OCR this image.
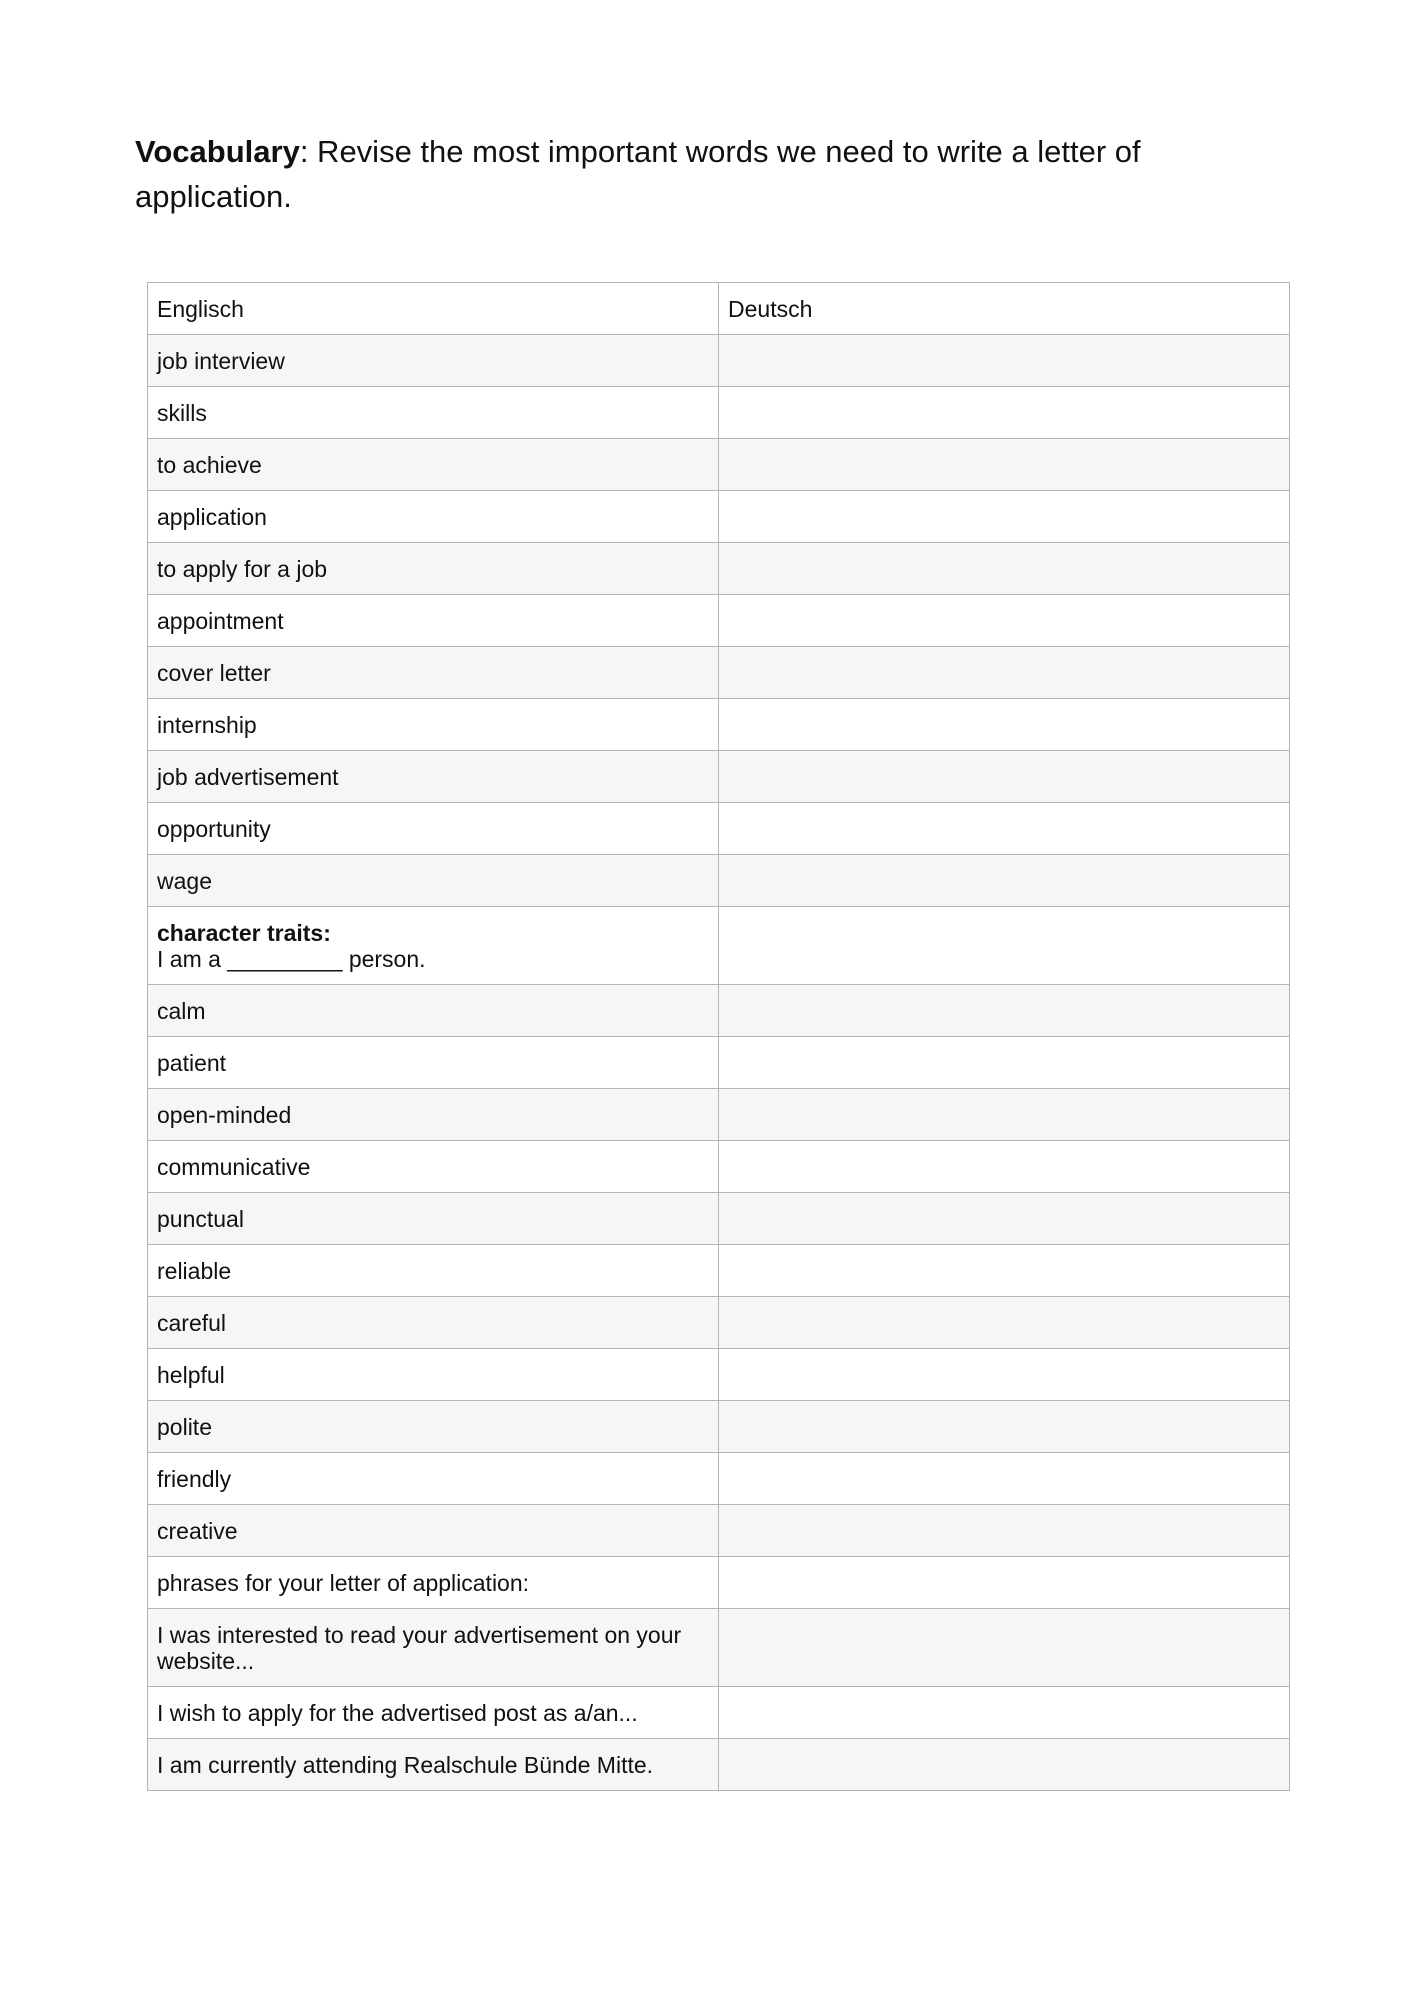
Vocabulary: Revise the most important words we need to write a letter of application.

Englisch	Deutsch
job interview	
skills	
to achieve	
application	
to apply for a job	
appointment	
cover letter	
internship	
job advertisement	
opportunity	
wage	

character traits:
I am a _________ person.	

calm	
patient	
open-minded	
communicative	
punctual	
reliable	
careful	
helpful	
polite	
friendly	
creative	
phrases for your letter of application:	
I was interested to read your advertisement on your website...	
I wish to apply for the advertised post as a/an...	
I am currently attending Realschule Bünde Mitte.	
